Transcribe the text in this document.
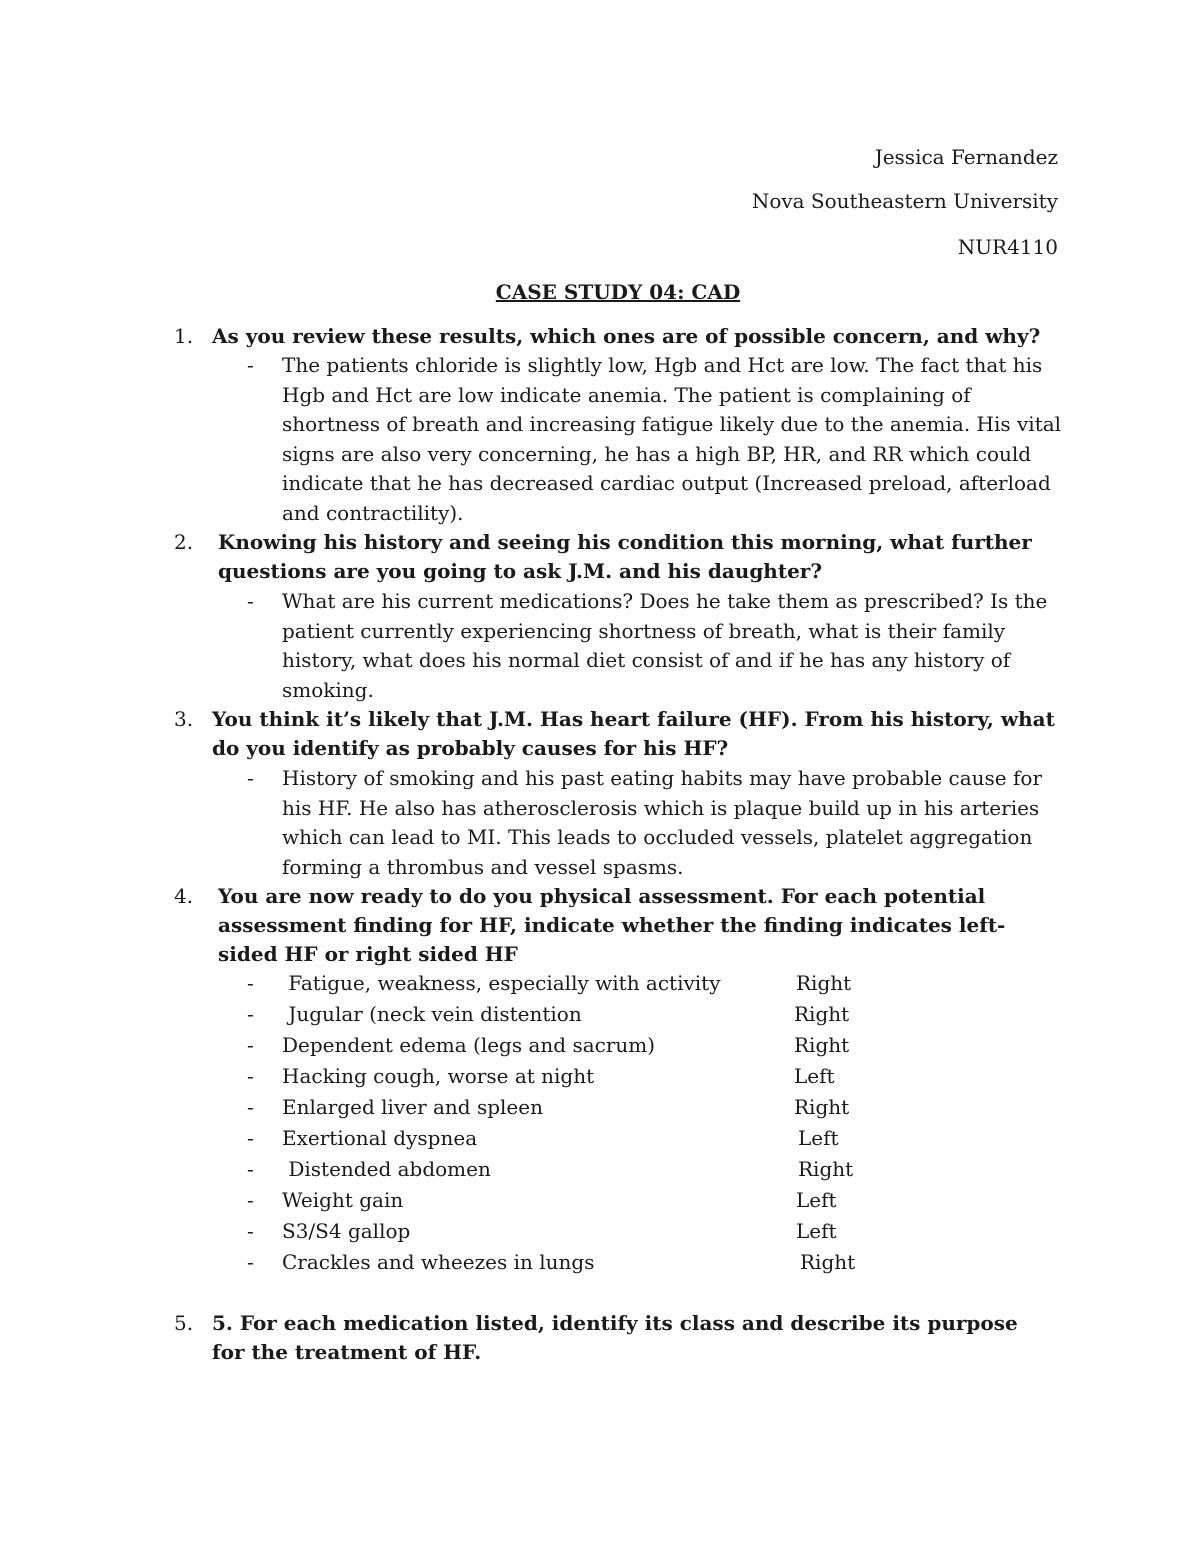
Jessica Fernandez
Nova Southeastern University
NUR4110
CASE STUDY 04: CAD
1. As you review these results, which ones are of possible concern, and why?
- The patients chloride is slightly low, Hgb and Hct are low. The fact that his Hgb and Hct are low indicate anemia. The patient is complaining of shortness of breath and increasing fatigue likely due to the anemia. His vital signs are also very concerning, he has a high BP, HR, and RR which could indicate that he has decreased cardiac output (Increased preload, afterload and contractility).
2. Knowing his history and seeing his condition this morning, what further questions are you going to ask J.M. and his daughter?
- What are his current medications? Does he take them as prescribed? Is the patient currently experiencing shortness of breath, what is their family history, what does his normal diet consist of and if he has any history of smoking.
3. You think it’s likely that J.M. Has heart failure (HF). From his history, what do you identify as probably causes for his HF?
- History of smoking and his past eating habits may have probable cause for his HF. He also has atherosclerosis which is plaque build up in his arteries which can lead to MI. This leads to occluded vessels, platelet aggregation forming a thrombus and vessel spasms.
4. You are now ready to do you physical assessment. For each potential assessment finding for HF, indicate whether the finding indicates left-sided HF or right sided HF
- Fatigue, weakness, especially with activity	Right
- Jugular (neck vein distention	Right
- Dependent edema (legs and sacrum)	Right
- Hacking cough, worse at night	Left
- Enlarged liver and spleen	Right
- Exertional dyspnea	Left
- Distended abdomen	Right
- Weight gain	Left
- S3/S4 gallop	Left
- Crackles and wheezes in lungs	Right
5. 5. For each medication listed, identify its class and describe its purpose for the treatment of HF.
